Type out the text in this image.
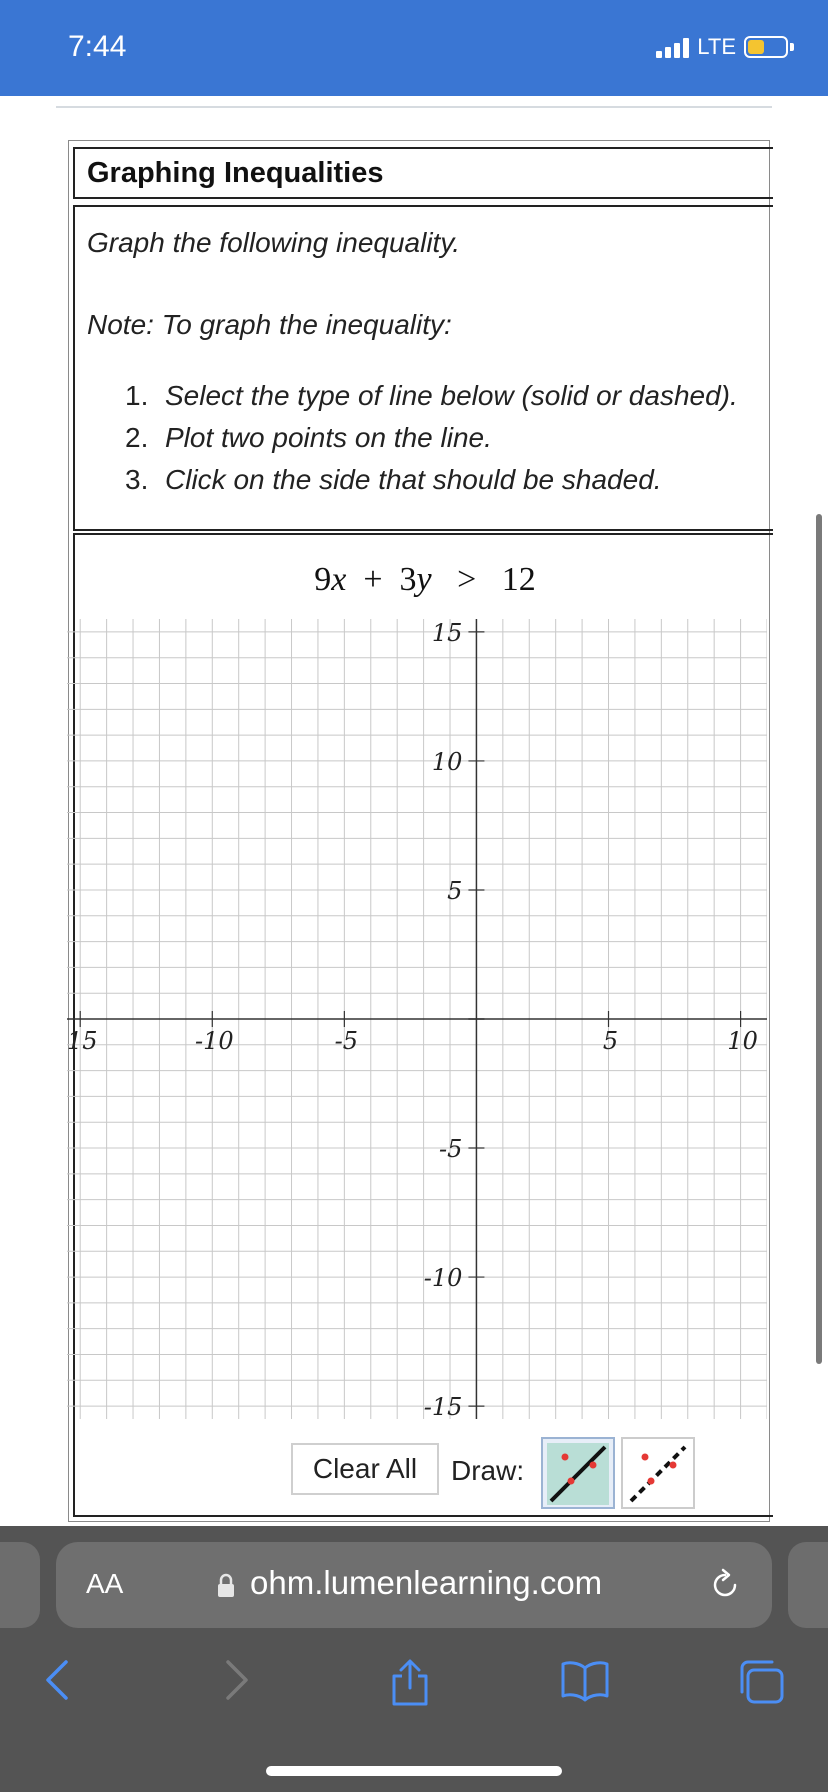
7:44	LTE
Graphing Inequalities
Graph the following inequality.
Note: To graph the inequality:
1. Select the type of line below (solid or dashed).
2. Plot two points on the line.
3. Click on the side that should be shaded.
9x + 3y > 12
15	-10	-5	5	10
15
10
5
-5
-10
-15
Clear All	Draw:
AA	ohm.lumenlearning.com
